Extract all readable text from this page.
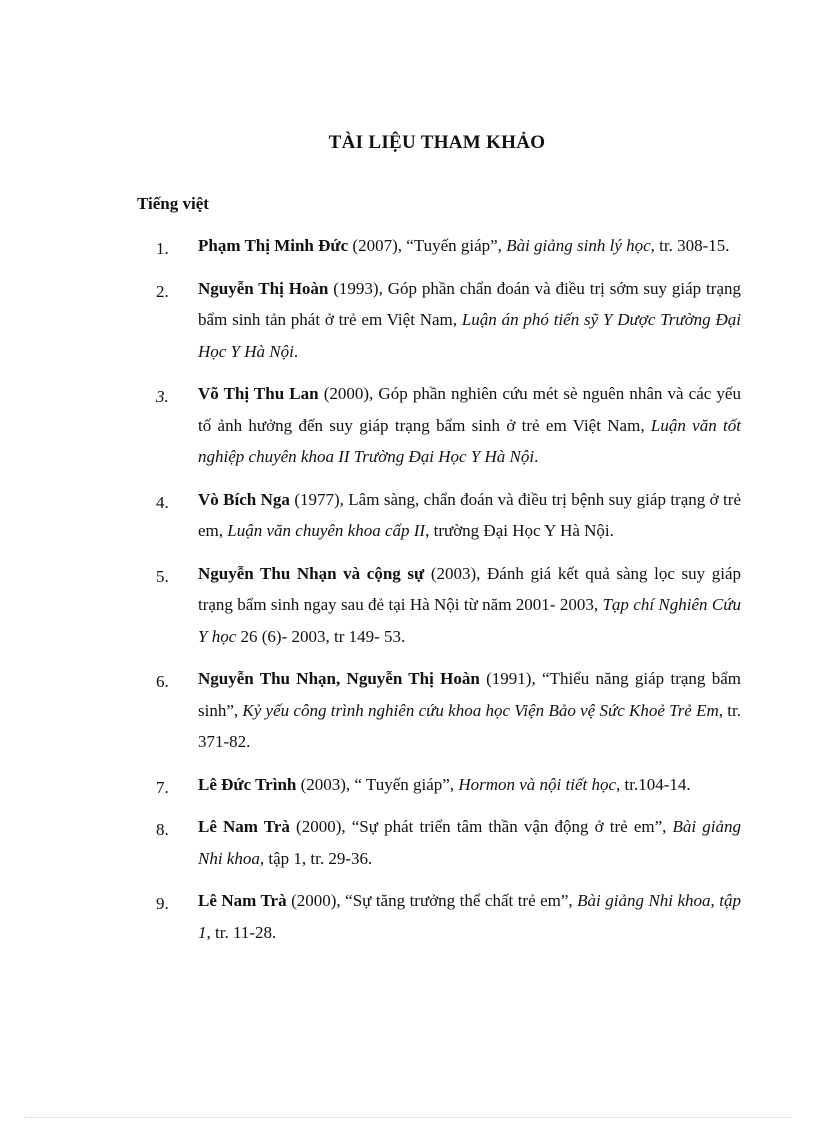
TÀI LIỆU THAM KHẢO
Tiếng việt
1. Phạm Thị Minh Đức (2007), “Tuyến giáp”, Bài giảng sinh lý học, tr. 308-15.
2. Nguyễn Thị Hoàn (1993), Góp phần chẩn đoán và điều trị sớm suy giáp trạng bẩm sinh tản phát ở trẻ em Việt Nam, Luận án phó tiến sỹ Y Dược Trường Đại Học Y Hà Nội.
3. Võ Thị Thu Lan (2000), Góp phần nghiên cứu mét sè nguên nhân và các yếu tố ảnh hưởng đến suy giáp trạng bẩm sinh ở trẻ em Việt Nam, Luận văn tốt nghiệp chuyên khoa II Trường Đại Học Y Hà Nội.
4. Vò Bích Nga (1977), Lâm sàng, chẩn đoán và điều trị bệnh suy giáp trạng ở trẻ em, Luận văn chuyên khoa cấp II, trường Đại Học Y Hà Nội.
5. Nguyễn Thu Nhạn và cộng sự (2003), Đánh giá kết quả sàng lọc suy giáp trạng bẩm sinh ngay sau đẻ tại Hà Nội từ năm 2001- 2003, Tạp chí Nghiên Cứu Y học 26 (6)- 2003, tr 149- 53.
6. Nguyễn Thu Nhạn, Nguyễn Thị Hoàn (1991), “Thiểu năng giáp trạng bẩm sinh”, Kỷ yếu công trình nghiên cứu khoa học Viện Bảo vệ Sức Khoẻ Trẻ Em, tr. 371-82.
7. Lê Đức Trình (2003), “ Tuyến giáp”, Hormon và nội tiết học, tr.104-14.
8. Lê Nam Trà (2000), “Sự phát triển tâm thần vận động ở trẻ em”, Bài giảng Nhi khoa, tập 1, tr. 29-36.
9. Lê Nam Trà (2000), “Sự tăng trưởng thể chất trẻ em”, Bài giảng Nhi khoa, tập 1, tr. 11-28.
